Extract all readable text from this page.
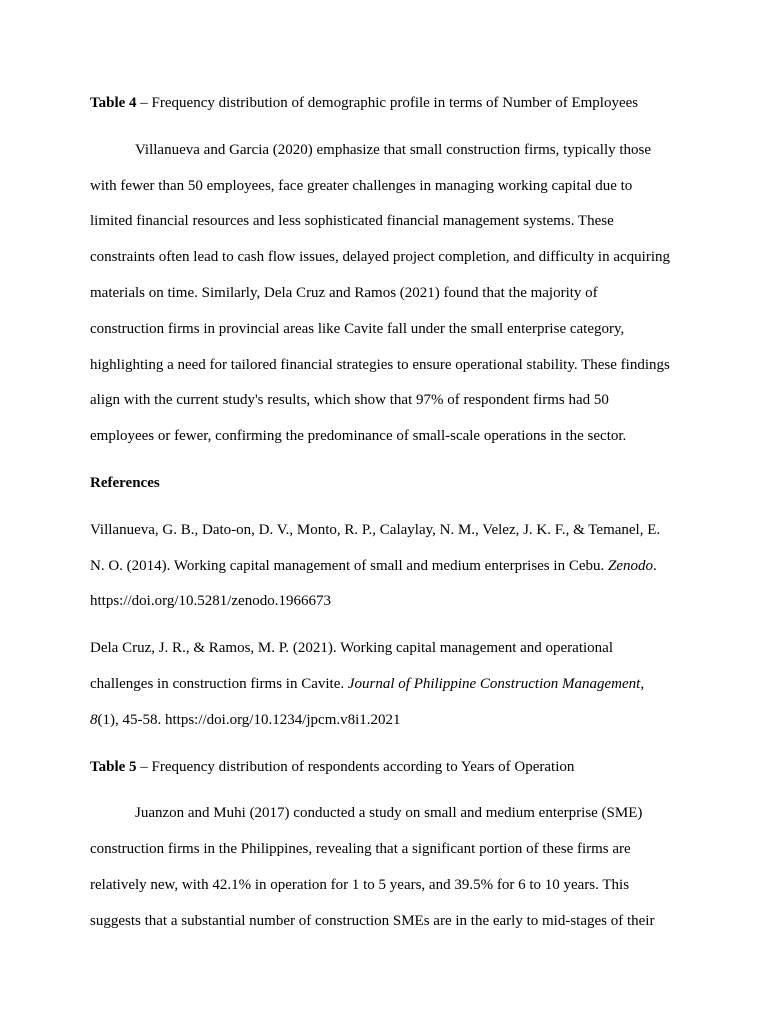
Table 4 – Frequency distribution of demographic profile in terms of Number of Employees
Villanueva and Garcia (2020) emphasize that small construction firms, typically those
with fewer than 50 employees, face greater challenges in managing working capital due to
limited financial resources and less sophisticated financial management systems. These
constraints often lead to cash flow issues, delayed project completion, and difficulty in acquiring
materials on time. Similarly, Dela Cruz and Ramos (2021) found that the majority of
construction firms in provincial areas like Cavite fall under the small enterprise category,
highlighting a need for tailored financial strategies to ensure operational stability. These findings
align with the current study's results, which show that 97% of respondent firms had 50
employees or fewer, confirming the predominance of small-scale operations in the sector.
References
Villanueva, G. B., Dato-on, D. V., Monto, R. P., Calaylay, N. M., Velez, J. K. F., & Temanel, E.
N. O. (2014). Working capital management of small and medium enterprises in Cebu. Zenodo.
https://doi.org/10.5281/zenodo.1966673
Dela Cruz, J. R., & Ramos, M. P. (2021). Working capital management and operational
challenges in construction firms in Cavite. Journal of Philippine Construction Management,
8(1), 45-58. https://doi.org/10.1234/jpcm.v8i1.2021
Table 5 – Frequency distribution of respondents according to Years of Operation
Juanzon and Muhi (2017) conducted a study on small and medium enterprise (SME)
construction firms in the Philippines, revealing that a significant portion of these firms are
relatively new, with 42.1% in operation for 1 to 5 years, and 39.5% for 6 to 10 years. This
suggests that a substantial number of construction SMEs are in the early to mid-stages of their
